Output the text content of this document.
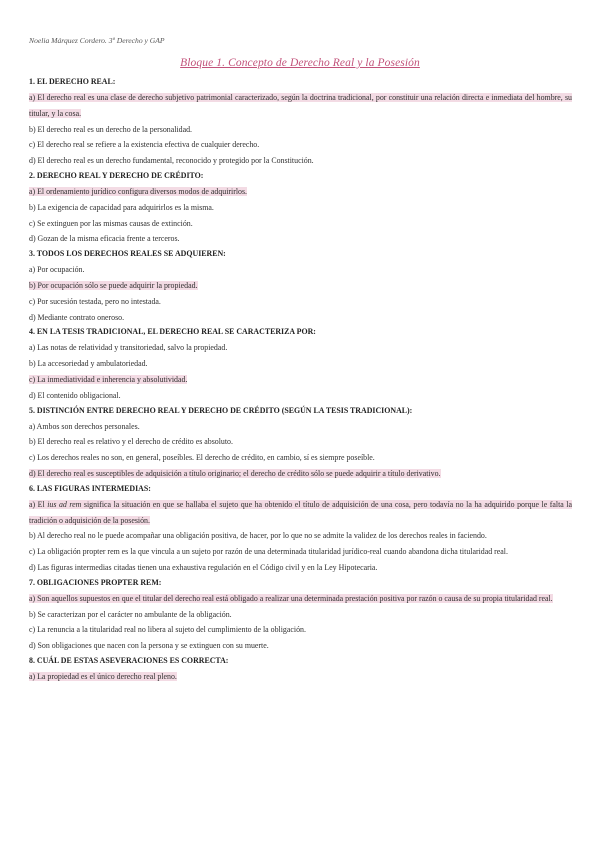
Noelia Márquez Cordero. 3º Derecho y GAP
Bloque 1. Concepto de Derecho Real y la Posesión
1. EL DERECHO REAL:
a) El derecho real es una clase de derecho subjetivo patrimonial caracterizado, según la doctrina tradicional, por constituir una relación directa e inmediata del hombre, su titular, y la cosa.
b) El derecho real es un derecho de la personalidad.
c) El derecho real se refiere a la existencia efectiva de cualquier derecho.
d) El derecho real es un derecho fundamental, reconocido y protegido por la Constitución.
2. DERECHO REAL Y DERECHO DE CRÉDITO:
a) El ordenamiento jurídico configura diversos modos de adquirirlos.
b) La exigencia de capacidad para adquirirlos es la misma.
c) Se extinguen por las mismas causas de extinción.
d) Gozan de la misma eficacia frente a terceros.
3. TODOS LOS DERECHOS REALES SE ADQUIEREN:
a) Por ocupación.
b) Por ocupación sólo se puede adquirir la propiedad.
c) Por sucesión testada, pero no intestada.
d) Mediante contrato oneroso.
4. EN LA TESIS TRADICIONAL, EL DERECHO REAL SE CARACTERIZA POR:
a) Las notas de relatividad y transitoriedad, salvo la propiedad.
b) La accesoriedad y ambulatoriedad.
c) La inmediatividad e inherencia y absolutividad.
d) El contenido obligacional.
5. DISTINCIÓN ENTRE DERECHO REAL Y DERECHO DE CRÉDITO (SEGÚN LA TESIS TRADICIONAL):
a) Ambos son derechos personales.
b) El derecho real es relativo y el derecho de crédito es absoluto.
c) Los derechos reales no son, en general, poseíbles. El derecho de crédito, en cambio, sí es siempre poseíble.
d) El derecho real es susceptibles de adquisición a título originario; el derecho de crédito sólo se puede adquirir a título derivativo.
6. LAS FIGURAS INTERMEDIAS:
a) El ius ad rem significa la situación en que se hallaba el sujeto que ha obtenido el título de adquisición de una cosa, pero todavía no la ha adquirido porque le falta la tradición o adquisición de la posesión.
b) Al derecho real no le puede acompañar una obligación positiva, de hacer, por lo que no se admite la validez de los derechos reales in faciendo.
c) La obligación propter rem es la que vincula a un sujeto por razón de una determinada titularidad jurídico-real cuando abandona dicha titularidad real.
d) Las figuras intermedias citadas tienen una exhaustiva regulación en el Código civil y en la Ley Hipotecaria.
7. OBLIGACIONES PROPTER REM:
a) Son aquellos supuestos en que el titular del derecho real está obligado a realizar una determinada prestación positiva por razón o causa de su propia titularidad real.
b) Se caracterizan por el carácter no ambulante de la obligación.
c) La renuncia a la titularidad real no libera al sujeto del cumplimiento de la obligación.
d) Son obligaciones que nacen con la persona y se extinguen con su muerte.
8. CUÁL DE ESTAS ASEVERACIONES ES CORRECTA:
a) La propiedad es el único derecho real pleno.
